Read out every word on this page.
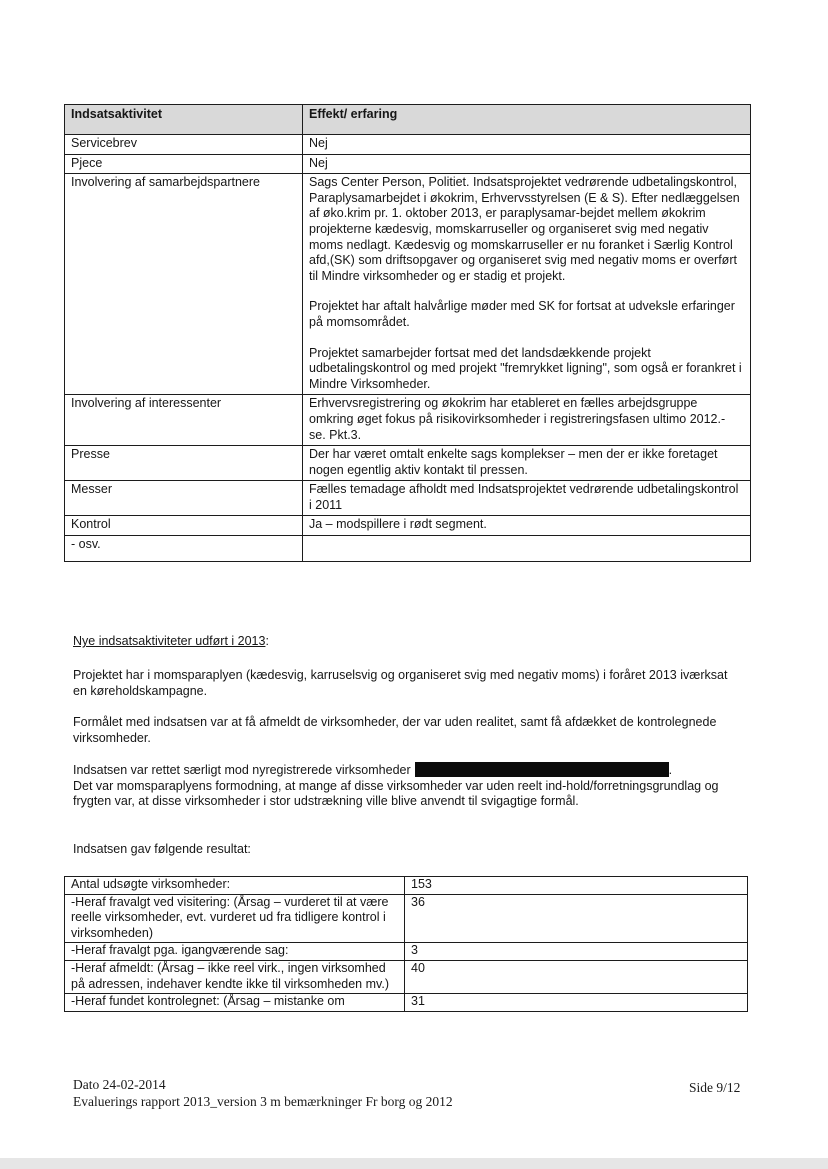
Indsatsaktivitet	Effekt/ erfaring
Servicebrev	Nej

Pjece	Nej

Involvering af samarbejdspartnere	Sags Center Person, Politiet. Indsatsprojektet vedrørende udbetalingskontrol, Paraplysamarbejdet i økokrim, Erhvervsstyrelsen (E & S). Efter nedlæggelsen af øko.krim pr. 1. oktober 2013, er paraplysamar-bejdet mellem økokrim projekterne kædesvig, momskarruseller og organiseret svig med negativ moms nedlagt. Kædesvig og momskarruseller er nu foranket i Særlig Kontrol afd,(SK) som driftsopgaver og organiseret svig med negativ moms er overført til Mindre virksomheder og er stadig et projekt.

Projektet har aftalt halvårlige møder med SK for fortsat at udveksle erfaringer på momsområdet.

Projektet samarbejder fortsat med det landsdækkende projekt udbetalingskontrol og med projekt "fremrykket ligning", som også er forankret i Mindre Virksomheder.

Involvering af interessenter	Erhvervsregistrering og økokrim har etableret en fælles arbejdsgruppe omkring øget fokus på risikovirksomheder i registreringsfasen ultimo 2012.- se. Pkt.3.

Presse	Der har været omtalt enkelte sags komplekser – men der er ikke foretaget nogen egentlig aktiv kontakt til pressen.

Messer	Fælles temadage afholdt med Indsatsprojektet vedrørende udbetalingskontrol i 2011

Kontrol	Ja – modspillere i rødt segment.

- osv.	

Nye indsatsaktiviteter udført i 2013:
Projektet har i momsparaplyen (kædesvig, karruselsvig og organiseret svig med negativ moms) i foråret 2013 iværksat en køreholdskampagne.
Formålet med indsatsen var at få afmeldt de virksomheder, der var uden realitet, samt få afdækket de kontrolegnede virksomheder.
Indsatsen var rettet særligt mod nyregistrerede virksomheder	.
Det var momsparaplyens formodning, at mange af disse virksomheder var uden reelt ind-hold/forretningsgrundlag og frygten var, at disse virksomheder i stor udstrækning ville blive anvendt til svigagtige formål.
Indsatsen gav følgende resultat:
Antal udsøgte virksomheder:	153
-Heraf fravalgt ved visitering: (Årsag – vurderet til at være reelle virksomheder, evt. vurderet ud fra tidligere kontrol i virksomheden)	36
-Heraf fravalgt pga. igangværende sag:	3
-Heraf afmeldt: (Årsag – ikke reel virk., ingen virksomhed på adressen, indehaver kendte ikke til virksomheden mv.)	40
-Heraf fundet kontrolegnet: (Årsag – mistanke om	31
Dato 24-02-2014
Evaluerings rapport 2013_version 3 m bemærkninger Fr borg og 2012
Side 9/12
